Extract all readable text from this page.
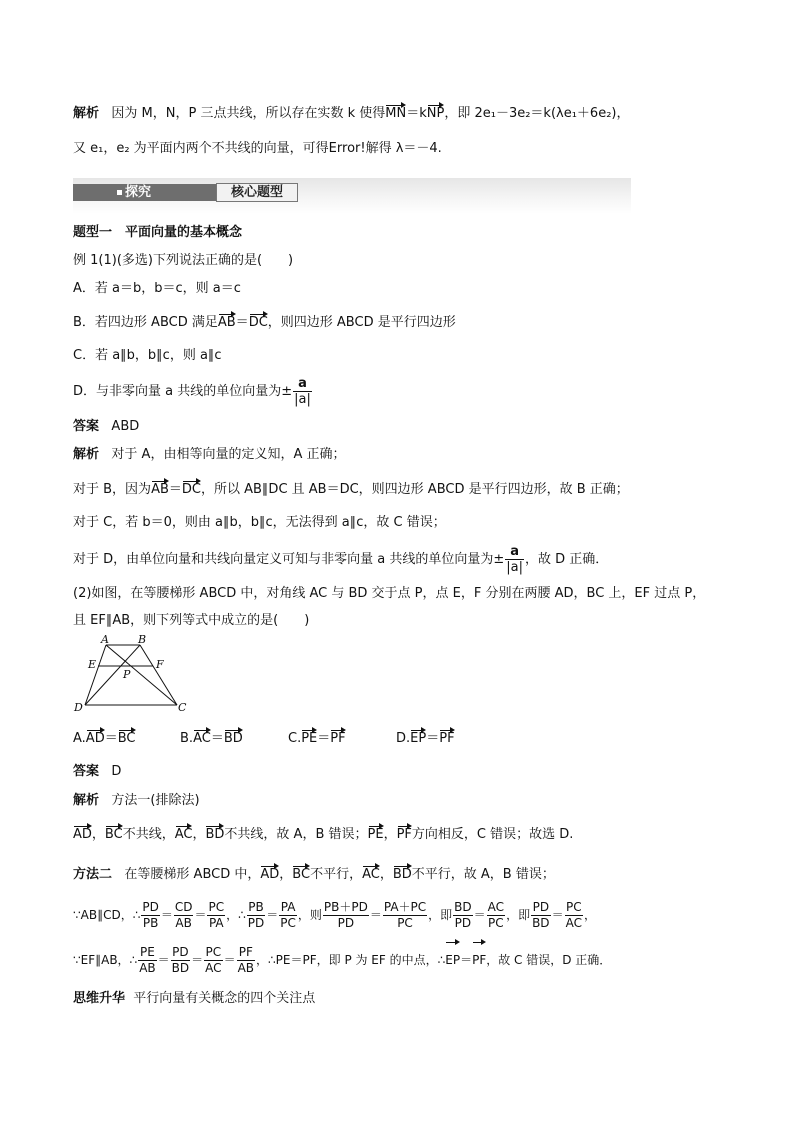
解析 因为 M，N，P 三点共线，所以存在实数 k 使得MN＝kNP，即 2e₁－3e₂＝k(λe₁＋6e₂)，
又 e₁，e₂ 为平面内两个不共线的向量，可得Error!解得 λ＝－4.
探究	核心题型
题型一　平面向量的基本概念
例 1(1)(多选)下列说法正确的是(　　)
A．若 a＝b，b＝c，则 a＝c
B．若四边形 ABCD 满足AB＝DC，则四边形 ABCD 是平行四边形
C．若 a∥b，b∥c，则 a∥c
D．与非零向量 a 共线的单位向量为± $\frac{a}{|a|}$
答案 ABD
解析 对于 A，由相等向量的定义知，A 正确；
对于 B，因为AB＝DC，所以 AB∥DC 且 AB＝DC，则四边形 ABCD 是平行四边形，故 B 正确；
对于 C，若 b＝0，则由 a∥b，b∥c，无法得到 a∥c，故 C 错误；
对于 D，由单位向量和共线向量定义可知与非零向量 a 共线的单位向量为± $\frac{a}{|a|}$ ，故 D 正确．
(2)如图，在等腰梯形 ABCD 中，对角线 AC 与 BD 交于点 P，点 E，F 分别在两腰 AD，BC 上，EF 过点 P，
且 EF∥AB，则下列等式中成立的是(　　)
A	B
E	F
P
D	C
A.AD＝BC	B.AC＝BD	C.PE＝PF	D.EP＝PF
答案 D
解析 方法一(排除法)
AD，BC不共线，AC，BD不共线，故 A，B 错误；PE，PF方向相反，C 错误；故选 D.
方法二 在等腰梯形 ABCD 中，AD，BC不平行，AC，BD不平行，故 A，B 错误；
∵AB∥CD，∴ $\frac{PD}{PB} = \frac{CD}{AB} = \frac{PC}{PA}$ ，∴ $\frac{PB}{PD} = \frac{PA}{PC}$ ，则 $\frac{PB+PD}{PD} = \frac{PA+PC}{PC}$ ，即 $\frac{BD}{PD} = \frac{AC}{PC}$ ，即 $\frac{PD}{BD} = \frac{PC}{AC}$ ，
∵EF∥AB，∴ $\frac{PE}{AB} = \frac{PD}{BD} = \frac{PC}{AC} = \frac{PF}{AB}$ ，∴PE＝PF，即 P 为 EF 的中点，∴EP＝PF，故 C 错误，D 正确．
思维升华 平行向量有关概念的四个关注点
